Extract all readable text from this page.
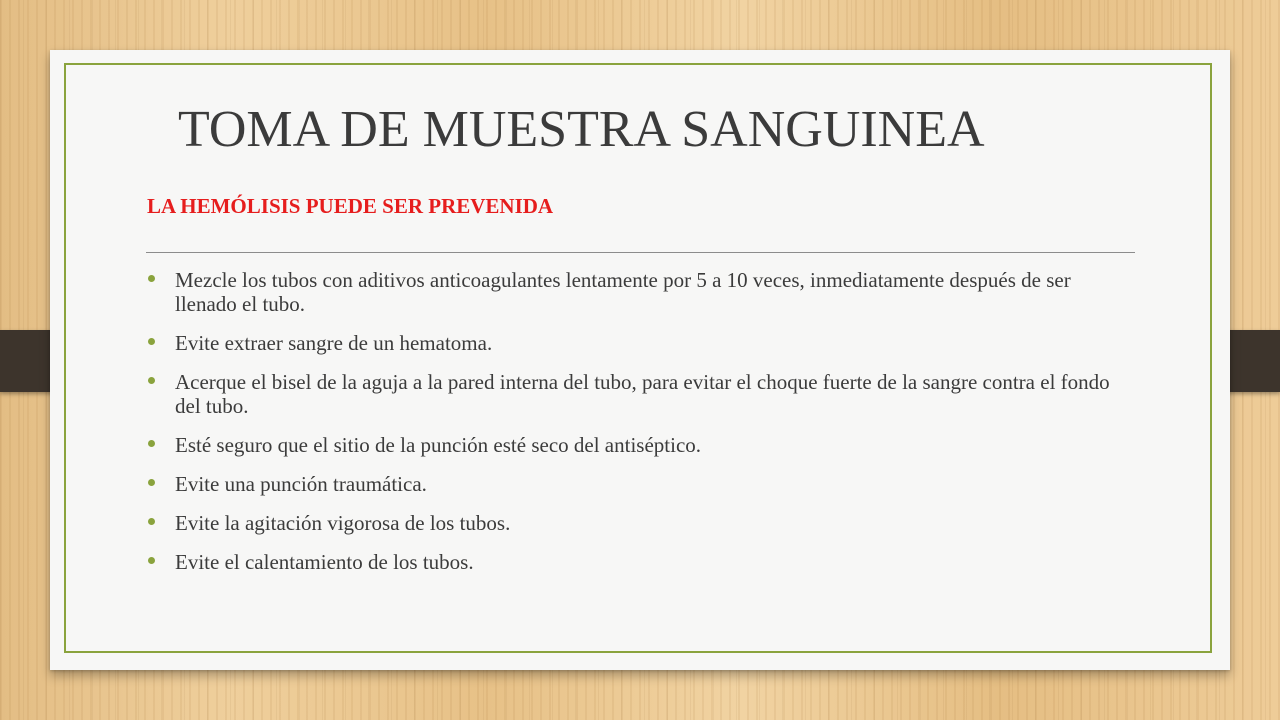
TOMA DE MUESTRA SANGUINEA
LA HEMÓLISIS PUEDE SER PREVENIDA
Mezcle los tubos con aditivos anticoagulantes lentamente por 5 a 10 veces, inmediatamente después de ser llenado el tubo.
Evite extraer sangre de un hematoma.
Acerque el bisel de la aguja a la pared interna del tubo, para evitar el choque fuerte de la sangre contra el fondo del tubo.
Esté seguro que el sitio de la punción esté seco del antiséptico.
Evite una punción traumática.
Evite la agitación vigorosa de los tubos.
Evite el calentamiento de los tubos.
